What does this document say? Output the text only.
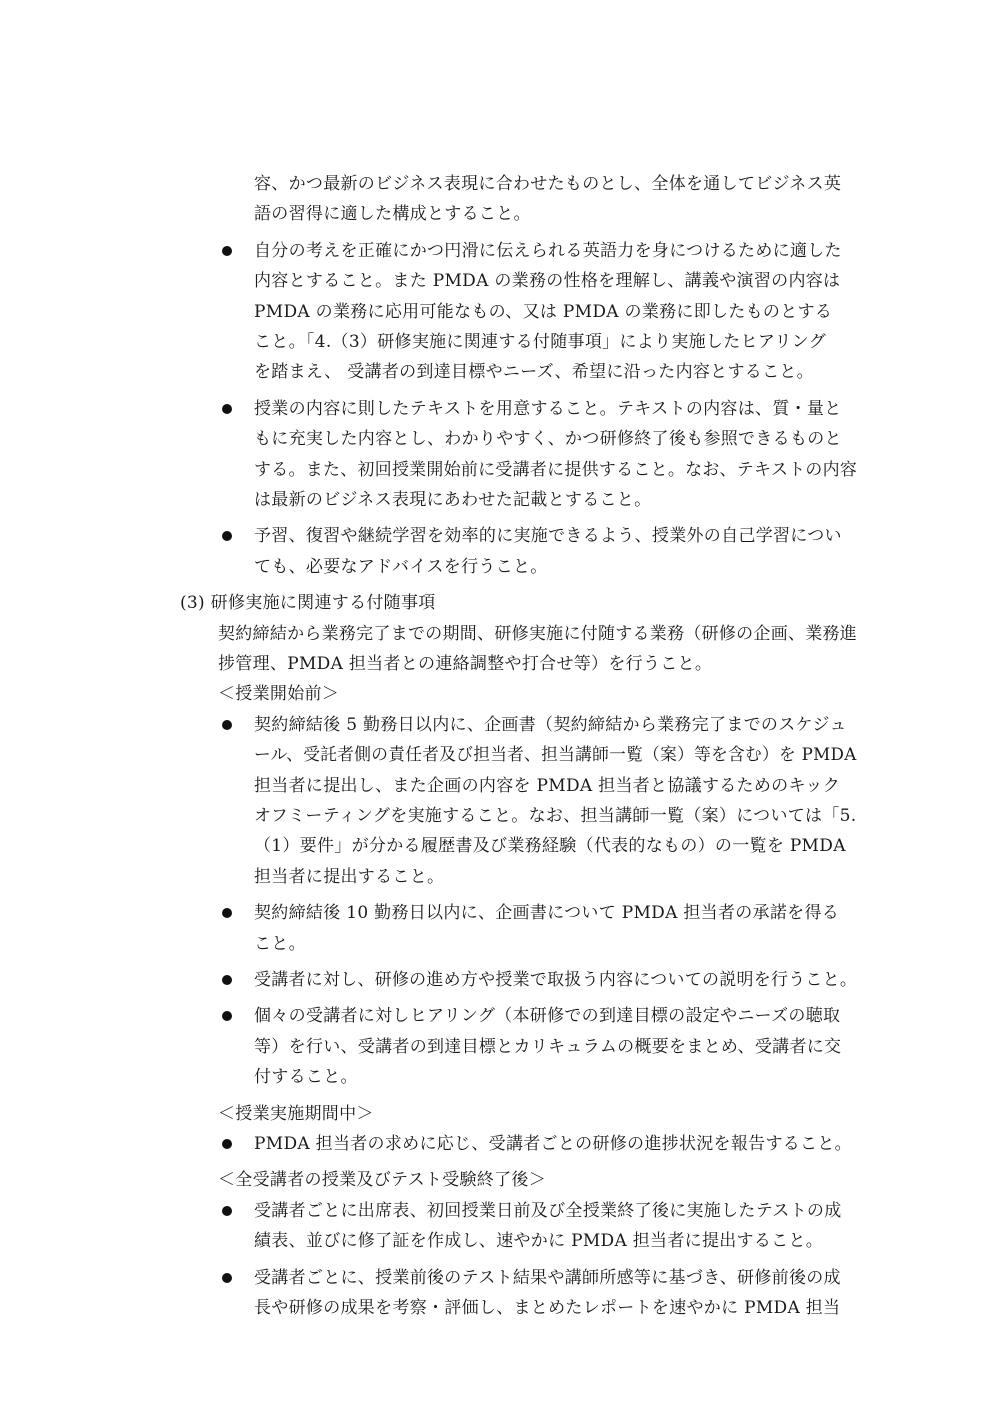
容、かつ最新のビジネス表現に合わせたものとし、全体を通してビジネス英
語の習得に適した構成とすること。
自分の考えを正確にかつ円滑に伝えられる英語力を身につけるために適した
内容とすること。また PMDA の業務の性格を理解し、講義や演習の内容は
PMDA の業務に応用可能なもの、又は PMDA の業務に即したものとする
こと。「4.（3）研修実施に関連する付随事項」により実施したヒアリング
を踏まえ、 受講者の到達目標やニーズ、希望に沿った内容とすること。
授業の内容に則したテキストを用意すること。テキストの内容は、質・量と
もに充実した内容とし、わかりやすく、かつ研修終了後も参照できるものと
する。また、初回授業開始前に受講者に提供すること。なお、テキストの内容
は最新のビジネス表現にあわせた記載とすること。
予習、復習や継続学習を効率的に実施できるよう、授業外の自己学習につい
ても、必要なアドバイスを行うこと。
(3) 研修実施に関連する付随事項
契約締結から業務完了までの期間、研修実施に付随する業務（研修の企画、業務進
捗管理、PMDA 担当者との連絡調整や打合せ等）を行うこと。
＜授業開始前＞
契約締結後 5 勤務日以内に、企画書（契約締結から業務完了までのスケジュ
ール、受託者側の責任者及び担当者、担当講師一覧（案）等を含む）を PMDA
担当者に提出し、また企画の内容を PMDA 担当者と協議するためのキック
オフミーティングを実施すること。なお、担当講師一覧（案）については「5.
（1）要件」が分かる履歴書及び業務経験（代表的なもの）の一覧を PMDA
担当者に提出すること。
契約締結後 10 勤務日以内に、企画書について PMDA 担当者の承諾を得る
こと。
受講者に対し、研修の進め方や授業で取扱う内容についての説明を行うこと。
個々の受講者に対しヒアリング（本研修での到達目標の設定やニーズの聴取
等）を行い、受講者の到達目標とカリキュラムの概要をまとめ、受講者に交
付すること。
＜授業実施期間中＞
PMDA 担当者の求めに応じ、受講者ごとの研修の進捗状況を報告すること。
＜全受講者の授業及びテスト受験終了後＞
受講者ごとに出席表、初回授業日前及び全授業終了後に実施したテストの成
績表、並びに修了証を作成し、速やかに PMDA 担当者に提出すること。
受講者ごとに、授業前後のテスト結果や講師所感等に基づき、研修前後の成
長や研修の成果を考察・評価し、まとめたレポートを速やかに PMDA 担当
